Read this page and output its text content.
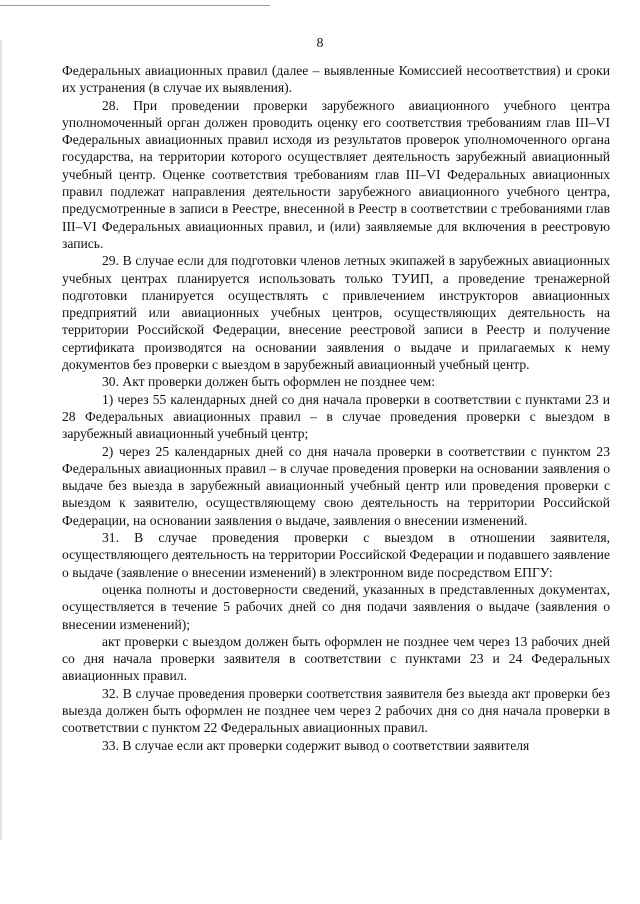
8

Федеральных авиационных правил (далее – выявленные Комиссией несоответствия) и сроки их устранения (в случае их выявления).

28. При проведении проверки зарубежного авиационного учебного центра уполномоченный орган должен проводить оценку его соответствия требованиям глав III–VI Федеральных авиационных правил исходя из результатов проверок уполномоченного органа государства, на территории которого осуществляет деятельность зарубежный авиационный учебный центр. Оценке соответствия требованиям глав III–VI Федеральных авиационных правил подлежат направления деятельности зарубежного авиационного учебного центра, предусмотренные в записи в Реестре, внесенной в Реестр в соответствии с требованиями глав III–VI Федеральных авиационных правил, и (или) заявляемые для включения в реестровую запись.

29. В случае если для подготовки членов летных экипажей в зарубежных авиационных учебных центрах планируется использовать только ТУИП, а проведение тренажерной подготовки планируется осуществлять с привлечением инструкторов авиационных предприятий или авиационных учебных центров, осуществляющих деятельность на территории Российской Федерации, внесение реестровой записи в Реестр и получение сертификата производятся на основании заявления о выдаче и прилагаемых к нему документов без проверки с выездом в зарубежный авиационный учебный центр.

30. Акт проверки должен быть оформлен не позднее чем:

1) через 55 календарных дней со дня начала проверки в соответствии с пунктами 23 и 28 Федеральных авиационных правил – в случае проведения проверки с выездом в зарубежный авиационный учебный центр;

2) через 25 календарных дней со дня начала проверки в соответствии с пунктом 23 Федеральных авиационных правил – в случае проведения проверки на основании заявления о выдаче без выезда в зарубежный авиационный учебный центр или проведения проверки с выездом к заявителю, осуществляющему свою деятельность на территории Российской Федерации, на основании заявления о выдаче, заявления о внесении изменений.

31. В случае проведения проверки с выездом в отношении заявителя, осуществляющего деятельность на территории Российской Федерации и подавшего заявление о выдаче (заявление о внесении изменений) в электронном виде посредством ЕПГУ:

оценка полноты и достоверности сведений, указанных в представленных документах, осуществляется в течение 5 рабочих дней со дня подачи заявления о выдаче (заявления о внесении изменений);

акт проверки с выездом должен быть оформлен не позднее чем через 13 рабочих дней со дня начала проверки заявителя в соответствии с пунктами 23 и 24 Федеральных авиационных правил.

32. В случае проведения проверки соответствия заявителя без выезда акт проверки без выезда должен быть оформлен не позднее чем через 2 рабочих дня со дня начала проверки в соответствии с пунктом 22 Федеральных авиационных правил.

33. В случае если акт проверки содержит вывод о соответствии заявителя
